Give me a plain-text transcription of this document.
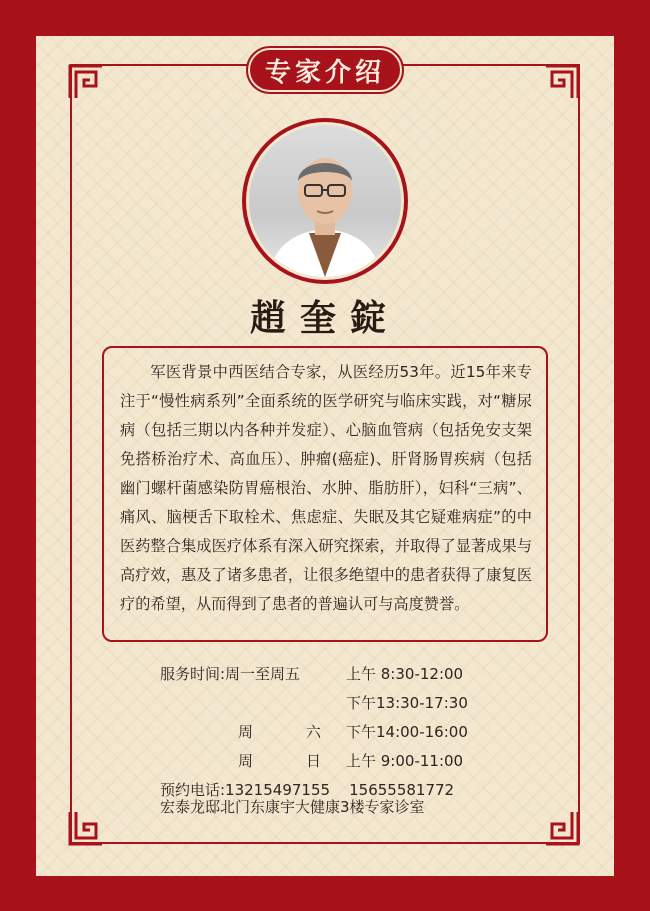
专家介绍
趙奎錠

军医背景中西医结合专家，从医经历53年。近15年来专注于“慢性病系列”全面系统的医学研究与临床实践，对“糖尿病（包括三期以内各种并发症）、心脑血管病（包括免安支架免搭桥治疗术、高血压）、肿瘤(癌症)、肝肾肠胃疾病（包括幽门螺杆菌感染防胃癌根治、水肿、脂肪肝），妇科“三病”、痛风、脑梗舌下取栓术、焦虑症、失眠及其它疑难病症”的中医药整合集成医疗体系有深入研究探索，并取得了显著成果与高疗效，惠及了诸多患者，让很多绝望中的患者获得了康复医疗的希望，从而得到了患者的普遍认可与高度赞誉。

服务时间:周一至周五	上午 8:30-12:00
下午13:30-17:30
周	六 下午14:00-16:00
周	日 上午 9:00-11:00
预约电话:13215497155    15655581772
宏泰龙邸北门东康宇大健康3楼专家诊室
